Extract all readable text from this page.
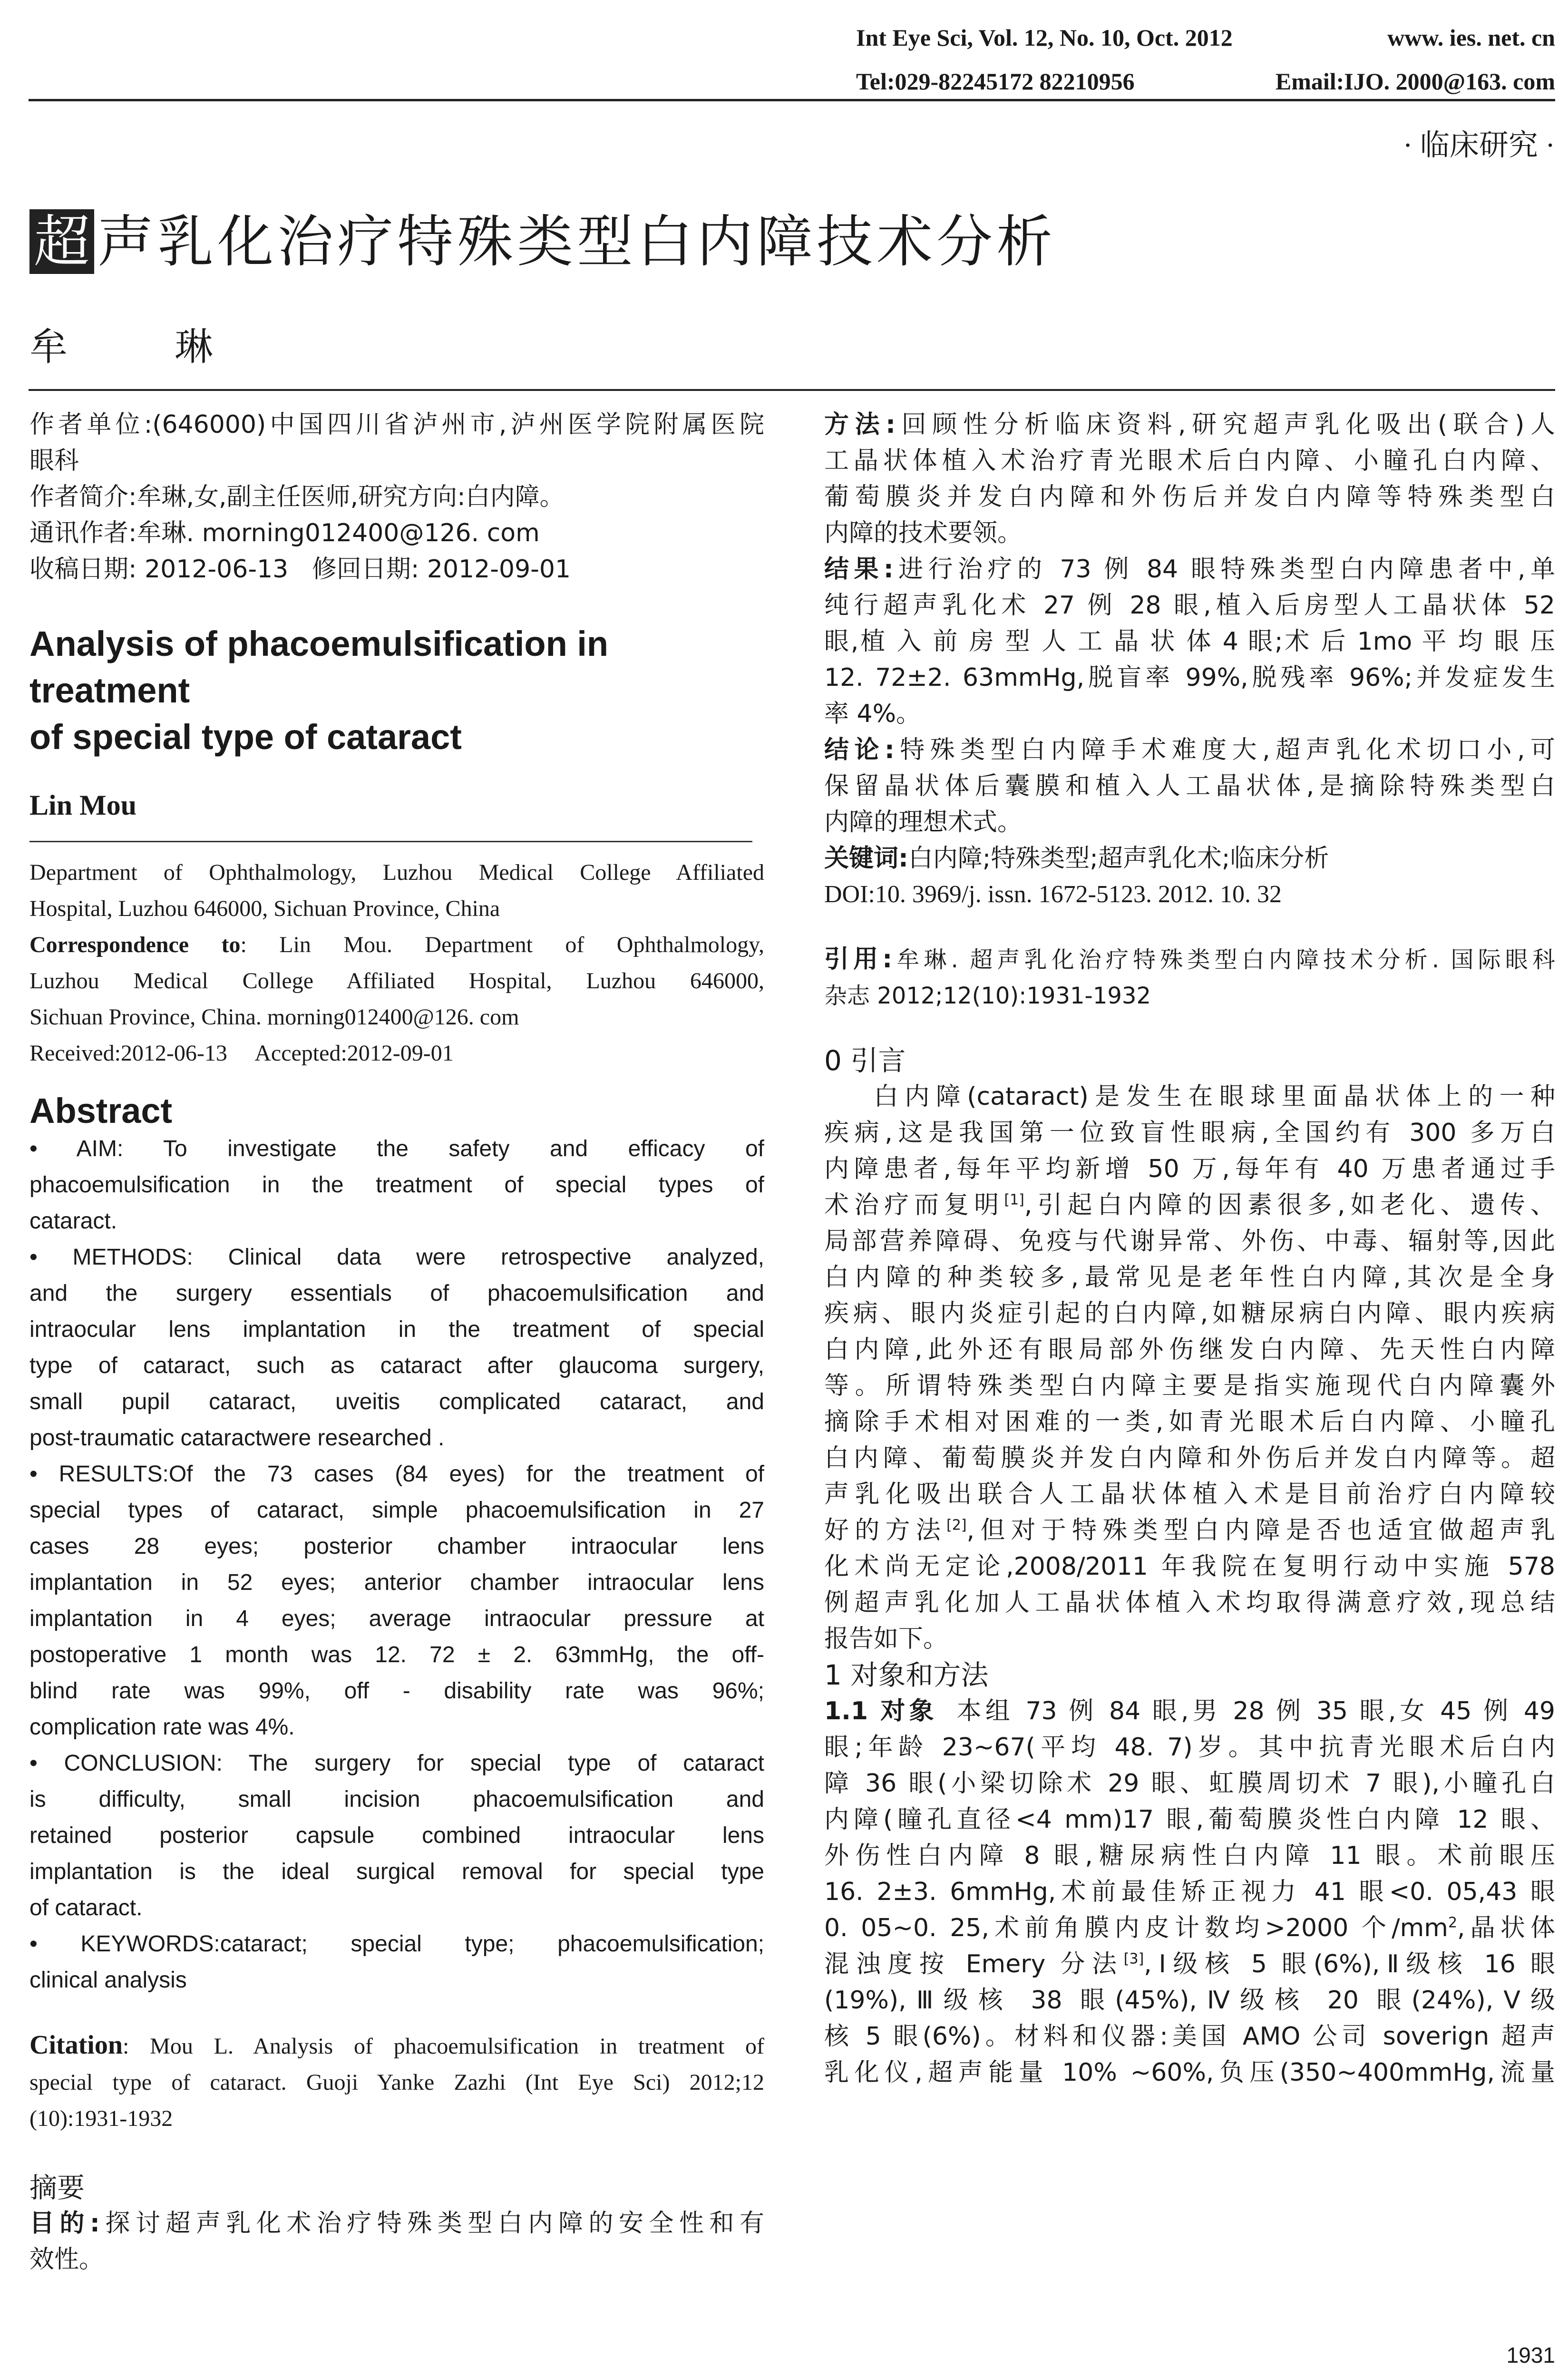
Int Eye Sci, Vol. 12, No. 10, Oct. 2012	www. ies. net. cn
Tel:029-82245172 82210956	Email:IJO. 2000@163. com
· 临床研究 ·
超 声乳化治疗特殊类型白内障技术分析
牟 琳
作者单位:(646000)中国四川省泸州市,泸州医学院附属医院
眼科
作者简介:牟琳,女,副主任医师,研究方向:白内障。
通讯作者:牟琳. morning012400@126. com
收稿日期: 2012-06-13   修回日期: 2012-09-01
Analysis of phacoemulsification in treatment
of special type of cataract
Lin Mou
Department of Ophthalmology, Luzhou Medical College Affiliated
Hospital, Luzhou 646000, Sichuan Province, China
Correspondence to: Lin Mou. Department of Ophthalmology,
Luzhou Medical College Affiliated Hospital, Luzhou 646000,
Sichuan Province, China. morning012400@126. com
Received:2012-06-13     Accepted:2012-09-01
Abstract
• AIM: To investigate the safety and efficacy of
phacoemulsification in the treatment of special types of
cataract.
• METHODS: Clinical data were retrospective analyzed,
and the surgery essentials of phacoemulsification and
intraocular lens implantation in the treatment of special
type of cataract, such as cataract after glaucoma surgery,
small pupil cataract, uveitis complicated cataract, and
post-traumatic cataractwere researched .
• RESULTS:Of the 73 cases (84 eyes) for the treatment of
special types of cataract, simple phacoemulsification in 27
cases 28 eyes; posterior chamber intraocular lens
implantation in 52 eyes; anterior chamber intraocular lens
implantation in 4 eyes; average intraocular pressure at
postoperative 1 month was 12. 72 ± 2. 63mmHg, the off-
blind rate was 99%, off - disability rate was 96%;
complication rate was 4%.
• CONCLUSION: The surgery for special type of cataract
is difficulty, small incision phacoemulsification and
retained posterior capsule combined intraocular lens
implantation is the ideal surgical removal for special type
of cataract.
• KEYWORDS:cataract; special type; phacoemulsification;
clinical analysis
Citation: Mou L. Analysis of phacoemulsification in treatment of
special type of cataract. Guoji Yanke Zazhi (Int Eye Sci) 2012;12
(10):1931-1932
摘要
目的:探讨超声乳化术治疗特殊类型白内障的安全性和有
效性。
方法:回顾性分析临床资料,研究超声乳化吸出(联合)人
工晶状体植入术治疗青光眼术后白内障、小瞳孔白内障、
葡萄膜炎并发白内障和外伤后并发白内障等特殊类型白
内障的技术要领。
结果:进行治疗的 73 例 84 眼特殊类型白内障患者中,单
纯行超声乳化术 27 例 28 眼,植入后房型人工晶状体 52
眼,植 入 前 房 型 人 工 晶 状 体 4 眼;术 后 1mo 平 均 眼 压
12. 72±2. 63mmHg,脱盲率 99%,脱残率 96%;并发症发生
率 4%。
结论:特殊类型白内障手术难度大,超声乳化术切口小,可
保留晶状体后囊膜和植入人工晶状体,是摘除特殊类型白
内障的理想术式。
关键词:白内障;特殊类型;超声乳化术;临床分析
DOI:10. 3969/j. issn. 1672-5123. 2012. 10. 32
引用:牟琳. 超声乳化治疗特殊类型白内障技术分析. 国际眼科
杂志 2012;12(10):1931-1932
0 引言
白内障(cataract)是发生在眼球里面晶状体上的一种
疾病,这是我国第一位致盲性眼病,全国约有 300 多万白
内障患者,每年平均新增 50 万,每年有 40 万患者通过手
术治疗而复明[1],引起白内障的因素很多,如老化、遗传、
局部营养障碍、免疫与代谢异常、外伤、中毒、辐射等,因此
白内障的种类较多,最常见是老年性白内障,其次是全身
疾病、眼内炎症引起的白内障,如糖尿病白内障、眼内疾病
白内障,此外还有眼局部外伤继发白内障、先天性白内障
等。所谓特殊类型白内障主要是指实施现代白内障囊外
摘除手术相对困难的一类,如青光眼术后白内障、小瞳孔
白内障、葡萄膜炎并发白内障和外伤后并发白内障等。超
声乳化吸出联合人工晶状体植入术是目前治疗白内障较
好的方法[2],但对于特殊类型白内障是否也适宜做超声乳
化术尚无定论,2008/2011 年我院在复明行动中实施 578
例超声乳化加人工晶状体植入术均取得满意疗效,现总结
报告如下。
1 对象和方法
1.1 对象 本组 73 例 84 眼,男 28 例 35 眼,女 45 例 49
眼;年龄 23~67(平均 48. 7)岁。其中抗青光眼术后白内
障 36 眼(小梁切除术 29 眼、虹膜周切术 7 眼),小瞳孔白
内障(瞳孔直径<4 mm)17 眼,葡萄膜炎性白内障 12 眼、
外伤性白内障 8 眼,糖尿病性白内障 11 眼。术前眼压
16. 2±3. 6mmHg,术前最佳矫正视力 41 眼<0. 05,43 眼
0. 05~0. 25,术前角膜内皮计数均>2000 个$/mm^2$,晶状体
混浊度按 Emery 分法[3],Ⅰ级核 5 眼(6%),Ⅱ级核 16 眼
(19%),Ⅲ级核 38 眼(45%),Ⅳ级核 20 眼(24%),Ⅴ级
核 5 眼(6%)。材料和仪器:美国 AMO 公司 soverign 超声
乳化仪,超声能量 10% ~60%,负压(350~400mmHg,流量
1931
